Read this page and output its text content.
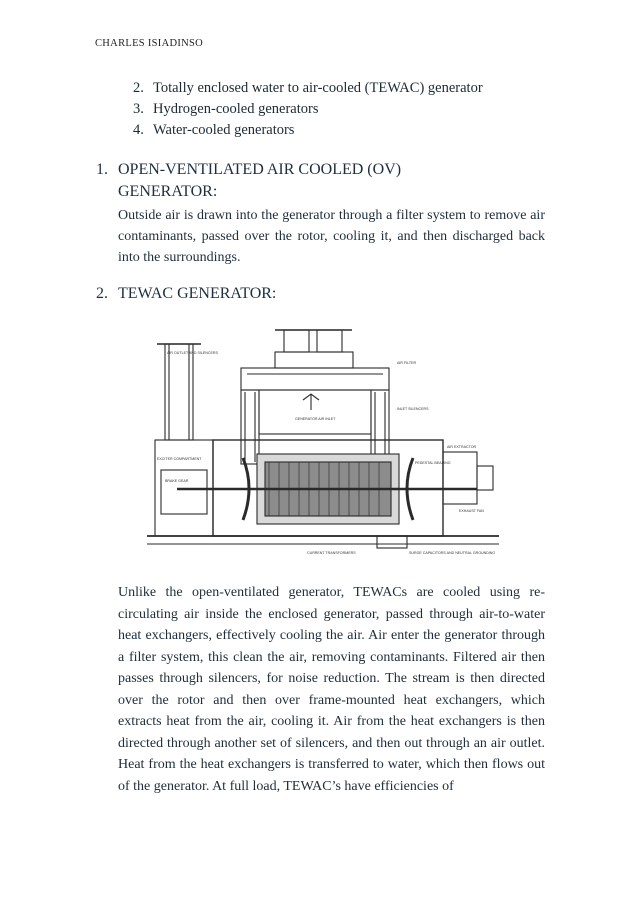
CHARLES ISIADINSO
2. Totally enclosed water to air-cooled (TEWAC) generator
3. Hydrogen-cooled generators
4. Water-cooled generators
1. OPEN-VENTILATED AIR COOLED (OV)
GENERATOR:
Outside air is drawn into the generator through a filter system to remove air contaminants, passed over the rotor, cooling it, and then discharged back into the surroundings.
2. TEWAC GENERATOR:
AIR OUTLET AND SILENCERS
AIR FILTER
INLET SILENCERS
GENERATOR AIR INLET
AIR EXTRACTOR
EXCITER COMPARTMENT
BRAKE GEAR
PEDESTAL BEARING
EXHAUST FAN
CURRENT TRANSFORMERS	SURGE CAPACITORS AND NEUTRAL GROUNDING
Unlike the open-ventilated generator, TEWACs are cooled using re-circulating air inside the enclosed generator, passed through air-to-water heat exchangers, effectively cooling the air. Air enter the generator through a filter system, this clean the air, removing contaminants. Filtered air then passes through silencers, for noise reduction. The stream is then directed over the rotor and then over frame-mounted heat exchangers, which extracts heat from the air, cooling it. Air from the heat exchangers is then directed through another set of silencers, and then out through an air outlet. Heat from the heat exchangers is transferred to water, which then flows out of the generator. At full load, TEWAC’s have efficiencies of
